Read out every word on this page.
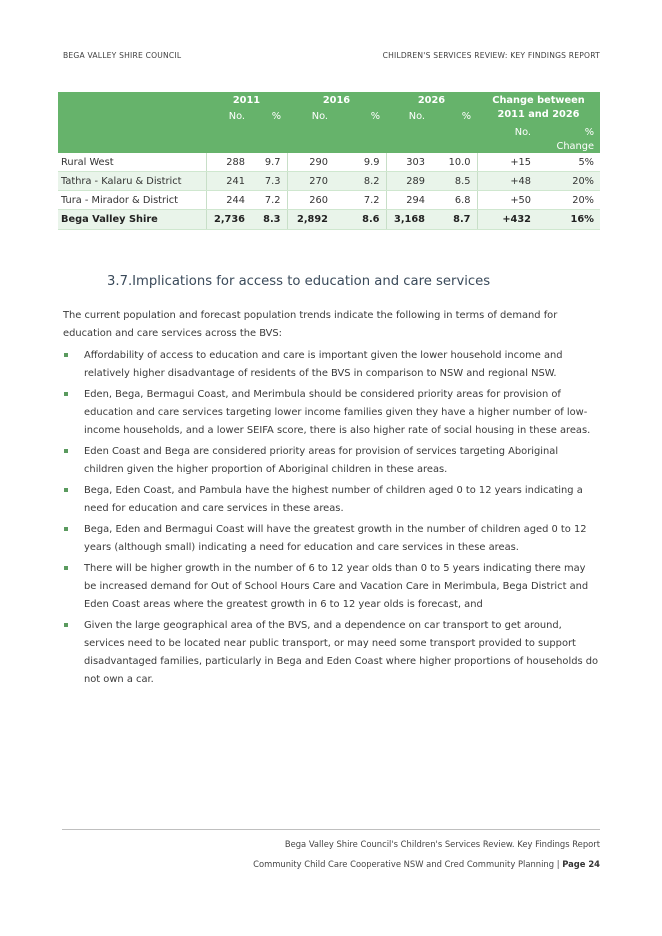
BEGA VALLEY SHIRE COUNCIL	CHILDREN'S SERVICES REVIEW: KEY FINDINGS REPORT
	2011		2016		2026		Change between 2011 and 2026	
	No.	%	No.	%	No.	%		
							No.	%
								Change
Rural West	288	9.7	290	9.9	303	10.0	+15	5%
Tathra - Kalaru & District	241	7.3	270	8.2	289	8.5	+48	20%
Tura - Mirador & District	244	7.2	260	7.2	294	6.8	+50	20%
Bega Valley Shire	2,736	8.3	2,892	8.6	3,168	8.7	+432	16%
3.7.Implications for access to education and care services
The current population and forecast population trends indicate the following in terms of demand for education and care services across the BVS:
Affordability of access to education and care is important given the lower household income and relatively higher disadvantage of residents of the BVS in comparison to NSW and regional NSW.
Eden, Bega, Bermagui Coast, and Merimbula should be considered priority areas for provision of education and care services targeting lower income families given they have a higher number of low-income households, and a lower SEIFA score, there is also higher rate of social housing in these areas.
Eden Coast and Bega are considered priority areas for provision of services targeting Aboriginal children given the higher proportion of Aboriginal children in these areas.
Bega, Eden Coast, and Pambula have the highest number of children aged 0 to 12 years indicating a need for education and care services in these areas.
Bega, Eden and Bermagui Coast will have the greatest growth in the number of children aged 0 to 12 years (although small) indicating a need for education and care services in these areas.
There will be higher growth in the number of 6 to 12 year olds than 0 to 5 years indicating there may be increased demand for Out of School Hours Care and Vacation Care in Merimbula, Bega District and Eden Coast areas where the greatest growth in 6 to 12 year olds is forecast, and
Given the large geographical area of the BVS, and a dependence on car transport to get around, services need to be located near public transport, or may need some transport provided to support disadvantaged families, particularly in Bega and Eden Coast where higher proportions of households do not own a car.
Bega Valley Shire Council's Children's Services Review. Key Findings Report
Community Child Care Cooperative NSW and Cred Community Planning | Page 24
